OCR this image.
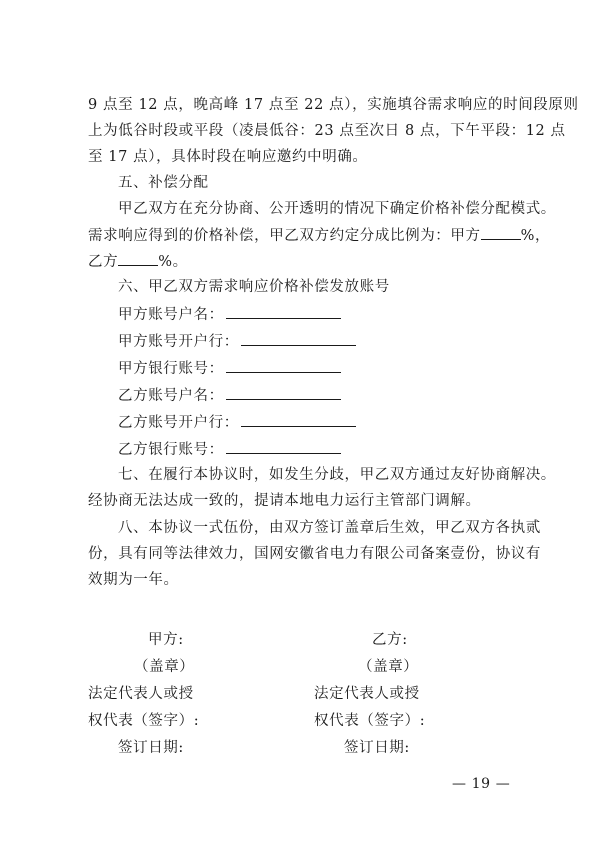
9 点至 12 点，晚高峰 17 点至 22 点），实施填谷需求响应的时间段原则
上为低谷时段或平段（凌晨低谷：23 点至次日 8 点，下午平段：12 点
至 17 点），具体时段在响应邀约中明确。
五、补偿分配
甲乙双方在充分协商、公开透明的情况下确定价格补偿分配模式。
需求响应得到的价格补偿，甲乙双方约定分成比例为：甲方	%，
乙方	%。
六、甲乙双方需求响应价格补偿发放账号
甲方账号户名：
甲方账号开户行：
甲方银行账号：
乙方账号户名：
乙方账号开户行：
乙方银行账号：
七、在履行本协议时，如发生分歧，甲乙双方通过友好协商解决。
经协商无法达成一致的，提请本地电力运行主管部门调解。
八、本协议一式伍份，由双方签订盖章后生效，甲乙双方各执贰
份，具有同等法律效力，国网安徽省电力有限公司备案壹份，协议有
效期为一年。
甲方:	乙方:
（盖章）	（盖章）
法定代表人或授	法定代表人或授
权代表（签字）:	权代表（签字）:
签订日期:	签订日期:
— 19 —
